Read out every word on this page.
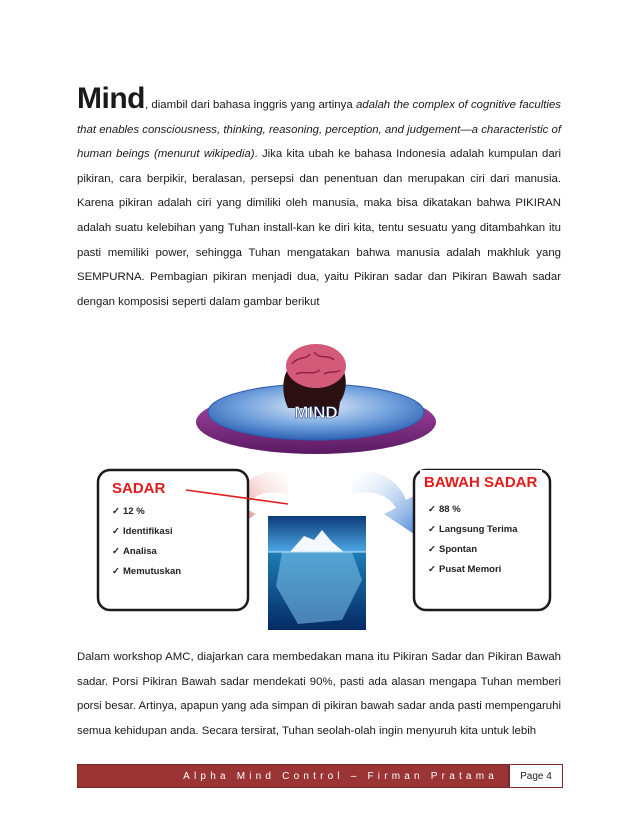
Mind, diambil dari bahasa inggris yang artinya adalah the complex of cognitive faculties that enables consciousness, thinking, reasoning, perception, and judgement—a characteristic of human beings (menurut wikipedia). Jika kita ubah ke bahasa Indonesia adalah kumpulan dari pikiran, cara berpikir, beralasan, persepsi dan penentuan dan merupakan ciri dari manusia. Karena pikiran adalah ciri yang dimiliki oleh manusia, maka bisa dikatakan bahwa PIKIRAN adalah suatu kelebihan yang Tuhan install-kan ke diri kita, tentu sesuatu yang ditambahkan itu pasti memiliki power, sehingga Tuhan mengatakan bahwa manusia adalah makhluk yang SEMPURNA. Pembagian pikiran menjadi dua, yaitu Pikiran sadar dan Pikiran Bawah sadar dengan komposisi seperti dalam gambar berikut
MIND
SADAR
✓ 12 %
✓ Identifikasi
✓ Analisa
✓ Memutuskan
BAWAH SADAR
✓ 88 %
✓ Langsung Terima
✓ Spontan
✓ Pusat Memori
Dalam workshop AMC, diajarkan cara membedakan mana itu Pikiran Sadar dan Pikiran Bawah sadar. Porsi Pikiran Bawah sadar mendekati 90%, pasti ada alasan mengapa Tuhan memberi porsi besar. Artinya, apapun yang ada simpan di pikiran bawah sadar anda pasti mempengaruhi semua kehidupan anda. Secara tersirat, Tuhan seolah-olah ingin menyuruh kita untuk lebih
Alpha Mind Control – Firman Pratama	Page 4
